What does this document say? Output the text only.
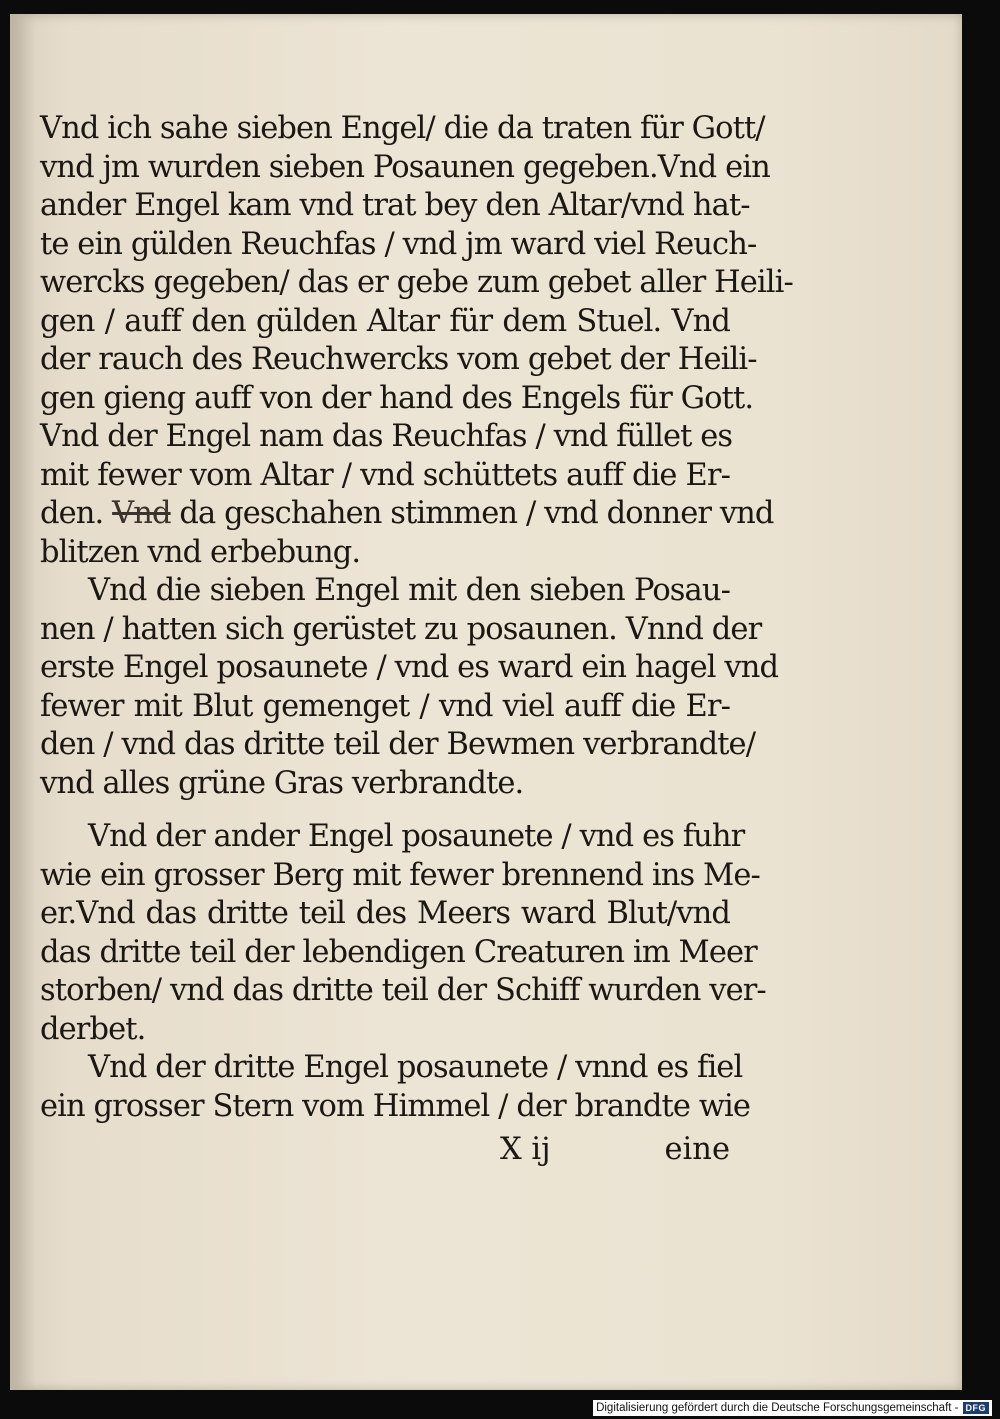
Vnd ich sahe sieben Engel/ die da traten für Gott/
vnd jm wurden sieben Posaunen gegeben.Vnd ein
ander Engel kam vnd trat bey den Altar/vnd hat-
te ein gülden Reuchfas / vnd jm ward viel Reuch-
wercks gegeben/ das er gebe zum gebet aller Heili-
gen / auff den gülden Altar für dem Stuel. Vnd
der rauch des Reuchwercks vom gebet der Heili-
gen gieng auff von der hand des Engels für Gott.
Vnd der Engel nam das Reuchfas / vnd füllet es
mit fewer vom Altar / vnd schüttets auff die Er-
den. Vnd da geschahen stimmen / vnd donner vnd
blitzen vnd erbebung.
Vnd die sieben Engel mit den sieben Posau-
nen / hatten sich gerüstet zu posaunen. Vnnd der
erste Engel posaunete / vnd es ward ein hagel vnd
fewer mit Blut gemenget / vnd viel auff die Er-
den / vnd das dritte teil der Bewmen verbrandte/
vnd alles grüne Gras verbrandte.
Vnd der ander Engel posaunete / vnd es fuhr
wie ein grosser Berg mit fewer brennend ins Me-
er.Vnd das dritte teil des Meers ward Blut/vnd
das dritte teil der lebendigen Creaturen im Meer
storben/ vnd das dritte teil der Schiff wurden ver-
derbet.
Vnd der dritte Engel posaunete / vnnd es fiel
ein grosser Stern vom Himmel / der brandte wie
X ij	eine
Digitalisierung gefördert durch die Deutsche Forschungsgemeinschaft - DFG
